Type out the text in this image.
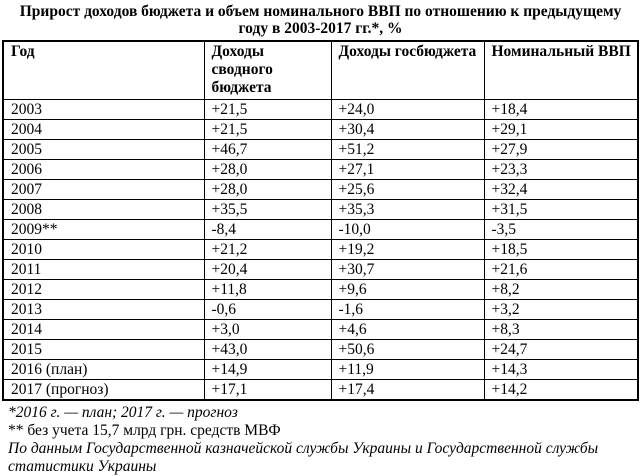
Прирост доходов бюджета и объем номинального ВВП по отношению к предыдущему
году в 2003-2017 гг.*, %
Год	Доходы сводного бюджета	Доходы госбюджета	Номинальный ВВП
2003	+21,5	+24,0	+18,4
2004	+21,5	+30,4	+29,1
2005	+46,7	+51,2	+27,9
2006	+28,0	+27,1	+23,3
2007	+28,0	+25,6	+32,4
2008	+35,5	+35,3	+31,5
2009**	-8,4	-10,0	-3,5
2010	+21,2	+19,2	+18,5
2011	+20,4	+30,7	+21,6
2012	+11,8	+9,6	+8,2
2013	-0,6	-1,6	+3,2
2014	+3,0	+4,6	+8,3
2015	+43,0	+50,6	+24,7
2016 (план)	+14,9	+11,9	+14,3
2017 (прогноз)	+17,1	+17,4	+14,2

*2016 г. — план; 2017 г. — прогноз

** без учета 15,7 млрд грн. средств МВФ

По данным Государственной казначейской службы Украины и Государственной службы статистики Украины
